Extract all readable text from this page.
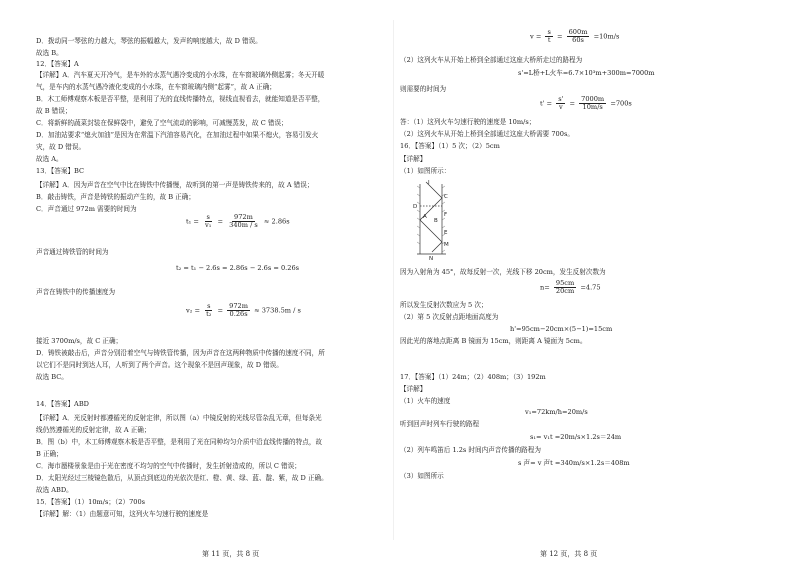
D．拨动同一琴弦的力越大，琴弦的振幅越大，发声的响度越大，故 D 错误。
故选 B。
12．【答案】A
【详解】A．汽车夏天开冷气，是车外的水蒸气遇冷变成的小水珠，在车窗玻璃外侧起雾；冬天开暖
气，是车内的水蒸气遇冷液化变成的小水珠，在车窗玻璃内侧“起雾”，故 A 正确；
B．木工师傅观察木板是否平整，是利用了光的直线传播特点，视线直视看去，就能知道是否平整，
故 B 错误；
C．将新鲜的蔬菜封装在保鲜袋中，避免了空气流动的影响，可减慢蒸发，故 C 错误；
D．加油站要求“熄火加油”是因为在常温下汽油容易汽化，在加油过程中如果不熄火，容易引发火
灾，故 D 错误。
故选 A。
13．【答案】BC
【详解】A．因为声音在空气中比在铸铁中传播慢，故听到的第一声是铸铁传来的，故 A 错误；
B．敲击铸铁，声音是铸铁的振动产生的，故 B 正确；
C．声音通过 972m 需要的时间为
$t_1 = \frac{s}{\text{v₁}} = \frac{972m}{340m / s} \approx 2.86s$
声音通过铸铁管的时间为
t₂ = t₁ − 2.6s = 2.86s − 2.6s = 0.26s
声音在铸铁中的传播速度为
$v_2 = \frac{s}{\text{t₂}} = \frac{972m}{0.26s} \approx 3738.5m / s$
接近 3700m/s，故 C 正确；
D．铸铁被敲击后，声音分别沿着空气与铸铁管传播，因为声音在这两种物质中传播的速度不同，所
以它们不是同时到达人耳，人听到了两个声音。这个现象不是回声现象，故 D 错误。
故选 BC。
14．【答案】ABD
【详解】A．光反射时都遵循光的反射定律，所以图（a）中镜反射的光线尽管杂乱无章，但每条光
线仍然遵循光的反射定律，故 A 正确；
B．图（b）中，木工师傅观察木板是否平整，是利用了光在同种均匀介质中沿直线传播的特点，故
B 正确；
C．海市蜃楼景象是由于光在密度不均匀的空气中传播时，发生折射造成的，所以 C 错误；
D．太阳光经过三棱镜色散后，从顶点到底边的光依次是红、橙、黄、绿、蓝、靛、紫，故 D 正确。
故选 ABD。
15．【答案】（1）10m/s；（2）700s
【详解】解：（1）由题意可知，这列火车匀速行驶的速度是
第 11 页，共 8 页
$v = \frac{s}{t} = \frac{600m}{60s} =10m/s$
（2）这列火车从开始上桥到全部通过这座大桥所走过的路程为
s'=L桥+L火车=6.7×10³m+300m=7000m
则需要的时间为
$t' = \frac{s'}{v} = \frac{7000m}{10m/s} =700s$
答：（1）这列火车匀速行驶的速度是 10m/s；
（2）这列火车从开始上桥到全部通过这座大桥需要 700s。
16．【答案】（1）5 次；（2）5cm
【详解】
（1）如图所示：
I
C
D
A	F
B
E
M
N
因为入射角为 45°，故每反射一次，光线下移 20cm，发生反射次数为
$n= \frac{95cm}{20cm} =4.75$
所以发生反射次数应为 5 次；
（2）第 5 次反射点距地面高度为
h'=95cm−20cm×(5−1)=15cm
因此光的落地点距离 B 镜面为 15cm，则距离 A 镜面为 5cm。
17．【答案】（1）24m；（2）408m；（3）192m
【详解】
（1）火车的速度
v₁=72km/h=20m/s
听到回声时列车行驶的路程
s₁= v₁t =20m/s×1.2s＝24m
（2）列车鸣笛后 1.2s 时间内声音传播的路程为
s 声= v 声t =340m/s×1.2s＝408m
（3）如图所示
第 12 页，共 8 页
